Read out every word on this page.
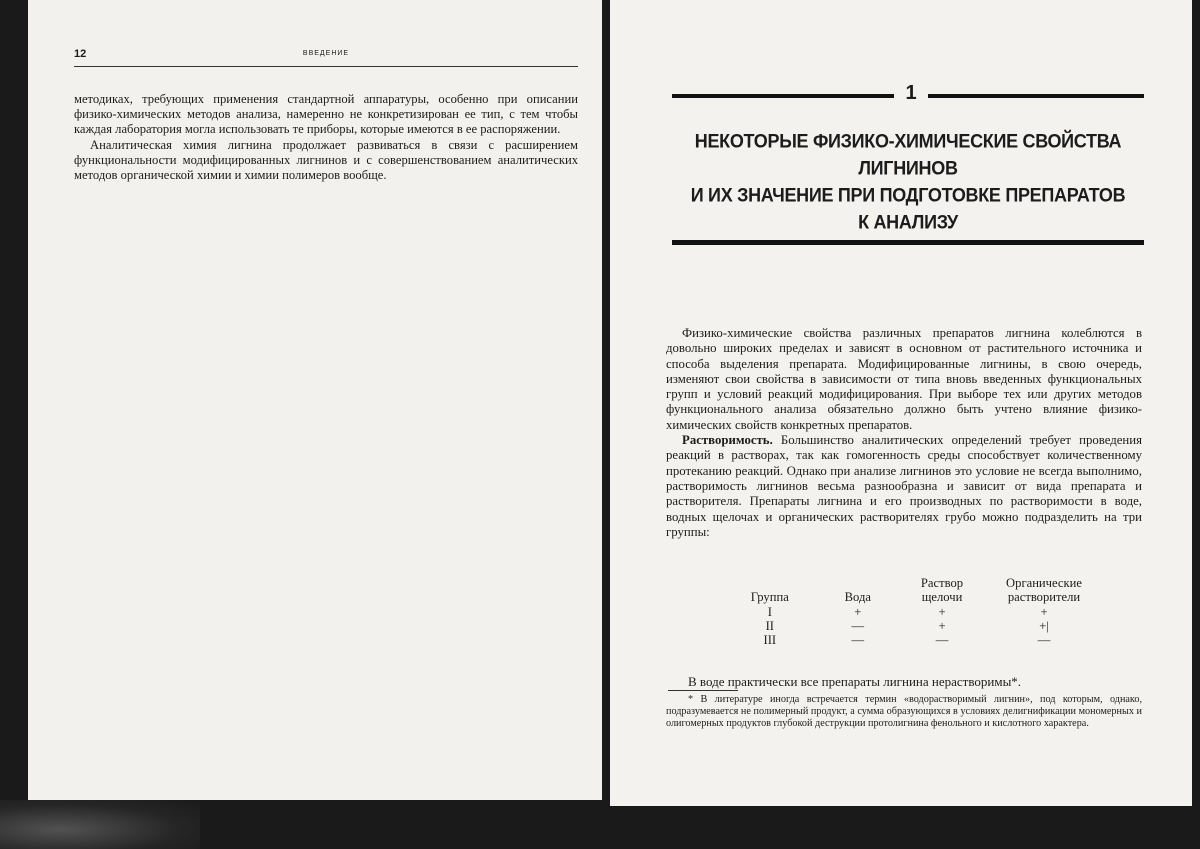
12	ВВЕДЕНИЕ

методиках, требующих применения стандартной аппаратуры, особенно при описании физико-химических методов анализа, намеренно не конкретизирован ее тип, с тем чтобы каждая лаборатория могла использовать те приборы, которые имеются в ее распоряжении.

Аналитическая химия лигнина продолжает развиваться в связи с расширением функциональности модифицированных лигнинов и с совершенствованием аналитических методов органической химии и химии полимеров вообще.

1
НЕКОТОРЫЕ ФИЗИКО-ХИМИЧЕСКИЕ СВОЙСТВА ЛИГНИНОВ
И ИХ ЗНАЧЕНИЕ ПРИ ПОДГОТОВКЕ ПРЕПАРАТОВ
К АНАЛИЗУ

Физико-химические свойства различных препаратов лигнина колеблются в довольно широких пределах и зависят в основном от растительного источника и способа выделения препарата. Модифицированные лигнины, в свою очередь, изменяют свои свойства в зависимости от типа вновь введенных функциональных групп и условий реакций модифицирования. При выборе тех или других методов функционального анализа обязательно должно быть учтено влияние физико-химических свойств конкретных препаратов.

Растворимость. Большинство аналитических определений требует проведения реакций в растворах, так как гомогенность среды способствует количественному протеканию реакций. Однако при анализе лигнинов это условие не всегда выполнимо, растворимость лигнинов весьма разнообразна и зависит от вида препарата и растворителя. Препараты лигнина и его производных по растворимости в воде, водных щелочах и органических растворителях грубо можно подразделить на три группы:

Группа	Вода	Раствор щелочи	Органические растворители
I	+	+	+
II	—	+	+|
III	—	—	—
В воде практически все препараты лигнина нерастворимы*.
* В литературе иногда встречается термин «водорастворимый лигнин», под которым, однако, подразумевается не полимерный продукт, а сумма образующихся в условиях делигнификации мономерных и олигомерных продуктов глубокой деструкции протолигнина фенольного и кислотного характера.
